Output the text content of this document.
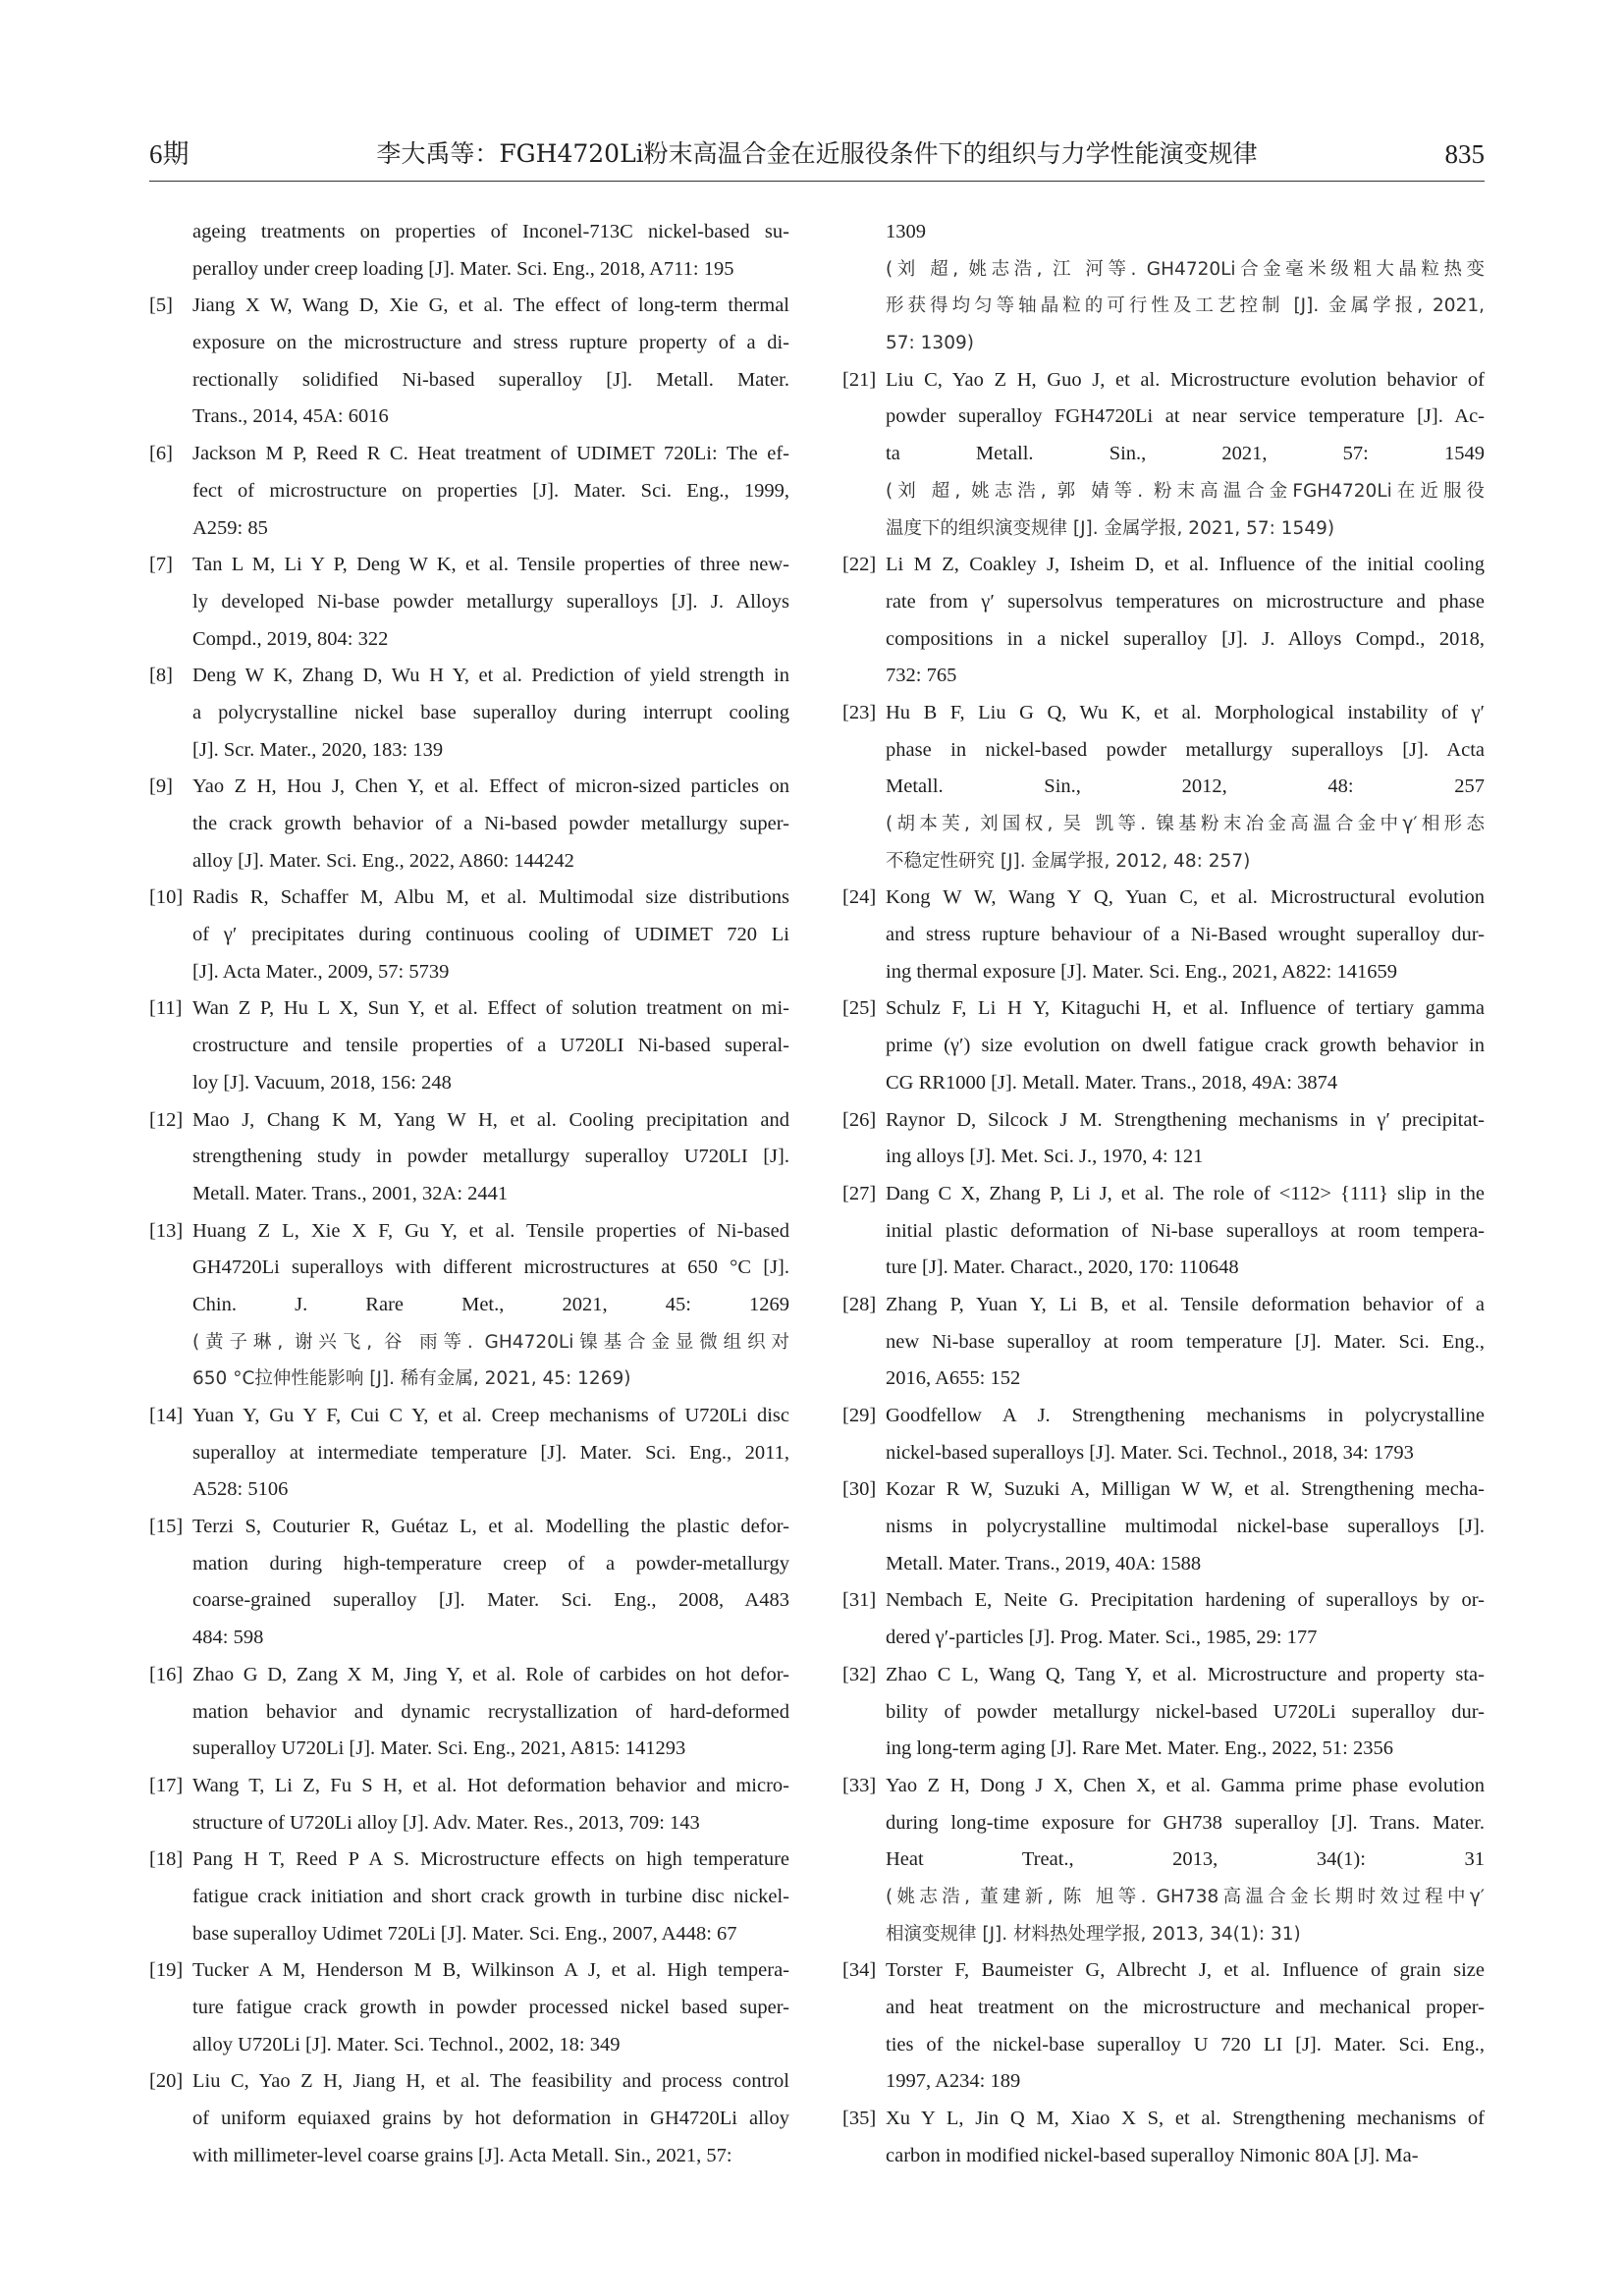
6期	李大禹等：FGH4720Li粉末高温合金在近服役条件下的组织与力学性能演变规律	835
ageing treatments on properties of Inconel-713C nickel-based su-
peralloy under creep loading [J]. Mater. Sci. Eng., 2018, A711: 195
[5] Jiang X W, Wang D, Xie G, et al. The effect of long-term thermal
exposure on the microstructure and stress rupture property of a di-
rectionally solidified Ni-based superalloy [J]. Metall. Mater.
Trans., 2014, 45A: 6016
[6] Jackson M P, Reed R C. Heat treatment of UDIMET 720Li: The ef-
fect of microstructure on properties [J]. Mater. Sci. Eng., 1999,
A259: 85
[7] Tan L M, Li Y P, Deng W K, et al. Tensile properties of three new-
ly developed Ni-base powder metallurgy superalloys [J]. J. Alloys
Compd., 2019, 804: 322
[8] Deng W K, Zhang D, Wu H Y, et al. Prediction of yield strength in
a polycrystalline nickel base superalloy during interrupt cooling
[J]. Scr. Mater., 2020, 183: 139
[9] Yao Z H, Hou J, Chen Y, et al. Effect of micron-sized particles on
the crack growth behavior of a Ni-based powder metallurgy super-
alloy [J]. Mater. Sci. Eng., 2022, A860: 144242
[10] Radis R, Schaffer M, Albu M, et al. Multimodal size distributions
of γ′ precipitates during continuous cooling of UDIMET 720 Li
[J]. Acta Mater., 2009, 57: 5739
[11] Wan Z P, Hu L X, Sun Y, et al. Effect of solution treatment on mi-
crostructure and tensile properties of a U720LI Ni-based superal-
loy [J]. Vacuum, 2018, 156: 248
[12] Mao J, Chang K M, Yang W H, et al. Cooling precipitation and
strengthening study in powder metallurgy superalloy U720LI [J].
Metall. Mater. Trans., 2001, 32A: 2441
[13] Huang Z L, Xie X F, Gu Y, et al. Tensile properties of Ni-based
GH4720Li superalloys with different microstructures at 650 °C [J].
Chin. J. Rare Met., 2021, 45: 1269
(黄子琳, 谢兴飞, 谷 雨等. GH4720Li镍基合金显微组织对
650 °C拉伸性能影响 [J]. 稀有金属, 2021, 45: 1269)
[14] Yuan Y, Gu Y F, Cui C Y, et al. Creep mechanisms of U720Li disc
superalloy at intermediate temperature [J]. Mater. Sci. Eng., 2011,
A528: 5106
[15] Terzi S, Couturier R, Guétaz L, et al. Modelling the plastic defor-
mation during high-temperature creep of a powder-metallurgy
coarse-grained superalloy [J]. Mater. Sci. Eng., 2008, A483
484: 598
[16] Zhao G D, Zang X M, Jing Y, et al. Role of carbides on hot defor-
mation behavior and dynamic recrystallization of hard-deformed
superalloy U720Li [J]. Mater. Sci. Eng., 2021, A815: 141293
[17] Wang T, Li Z, Fu S H, et al. Hot deformation behavior and micro-
structure of U720Li alloy [J]. Adv. Mater. Res., 2013, 709: 143
[18] Pang H T, Reed P A S. Microstructure effects on high temperature
fatigue crack initiation and short crack growth in turbine disc nickel-
base superalloy Udimet 720Li [J]. Mater. Sci. Eng., 2007, A448: 67
[19] Tucker A M, Henderson M B, Wilkinson A J, et al. High tempera-
ture fatigue crack growth in powder processed nickel based super-
alloy U720Li [J]. Mater. Sci. Technol., 2002, 18: 349
[20] Liu C, Yao Z H, Jiang H, et al. The feasibility and process control
of uniform equiaxed grains by hot deformation in GH4720Li alloy
with millimeter-level coarse grains [J]. Acta Metall. Sin., 2021, 57:
1309
(刘 超, 姚志浩, 江 河等. GH4720Li合金毫米级粗大晶粒热变
形获得均匀等轴晶粒的可行性及工艺控制 [J]. 金属学报, 2021,
57: 1309)
[21] Liu C, Yao Z H, Guo J, et al. Microstructure evolution behavior of
powder superalloy FGH4720Li at near service temperature [J]. Ac-
ta Metall. Sin., 2021, 57: 1549
(刘 超, 姚志浩, 郭 婧等. 粉末高温合金FGH4720Li在近服役
温度下的组织演变规律 [J]. 金属学报, 2021, 57: 1549)
[22] Li M Z, Coakley J, Isheim D, et al. Influence of the initial cooling
rate from γ′ supersolvus temperatures on microstructure and phase
compositions in a nickel superalloy [J]. J. Alloys Compd., 2018,
732: 765
[23] Hu B F, Liu G Q, Wu K, et al. Morphological instability of γ′
phase in nickel-based powder metallurgy superalloys [J]. Acta
Metall. Sin., 2012, 48: 257
(胡本芙, 刘国权, 吴 凯等. 镍基粉末冶金高温合金中γ′相形态
不稳定性研究 [J]. 金属学报, 2012, 48: 257)
[24] Kong W W, Wang Y Q, Yuan C, et al. Microstructural evolution
and stress rupture behaviour of a Ni-Based wrought superalloy dur-
ing thermal exposure [J]. Mater. Sci. Eng., 2021, A822: 141659
[25] Schulz F, Li H Y, Kitaguchi H, et al. Influence of tertiary gamma
prime (γ′) size evolution on dwell fatigue crack growth behavior in
CG RR1000 [J]. Metall. Mater. Trans., 2018, 49A: 3874
[26] Raynor D, Silcock J M. Strengthening mechanisms in γ′ precipitat-
ing alloys [J]. Met. Sci. J., 1970, 4: 121
[27] Dang C X, Zhang P, Li J, et al. The role of <112> {111} slip in the
initial plastic deformation of Ni-base superalloys at room tempera-
ture [J]. Mater. Charact., 2020, 170: 110648
[28] Zhang P, Yuan Y, Li B, et al. Tensile deformation behavior of a
new Ni-base superalloy at room temperature [J]. Mater. Sci. Eng.,
2016, A655: 152
[29] Goodfellow A J. Strengthening mechanisms in polycrystalline
nickel-based superalloys [J]. Mater. Sci. Technol., 2018, 34: 1793
[30] Kozar R W, Suzuki A, Milligan W W, et al. Strengthening mecha-
nisms in polycrystalline multimodal nickel-base superalloys [J].
Metall. Mater. Trans., 2019, 40A: 1588
[31] Nembach E, Neite G. Precipitation hardening of superalloys by or-
dered γ′-particles [J]. Prog. Mater. Sci., 1985, 29: 177
[32] Zhao C L, Wang Q, Tang Y, et al. Microstructure and property sta-
bility of powder metallurgy nickel-based U720Li superalloy dur-
ing long-term aging [J]. Rare Met. Mater. Eng., 2022, 51: 2356
[33] Yao Z H, Dong J X, Chen X, et al. Gamma prime phase evolution
during long-time exposure for GH738 superalloy [J]. Trans. Mater.
Heat Treat., 2013, 34(1): 31
(姚志浩, 董建新, 陈 旭等. GH738高温合金长期时效过程中γ′
相演变规律 [J]. 材料热处理学报, 2013, 34(1): 31)
[34] Torster F, Baumeister G, Albrecht J, et al. Influence of grain size
and heat treatment on the microstructure and mechanical proper-
ties of the nickel-base superalloy U 720 LI [J]. Mater. Sci. Eng.,
1997, A234: 189
[35] Xu Y L, Jin Q M, Xiao X S, et al. Strengthening mechanisms of
carbon in modified nickel-based superalloy Nimonic 80A [J]. Ma-
